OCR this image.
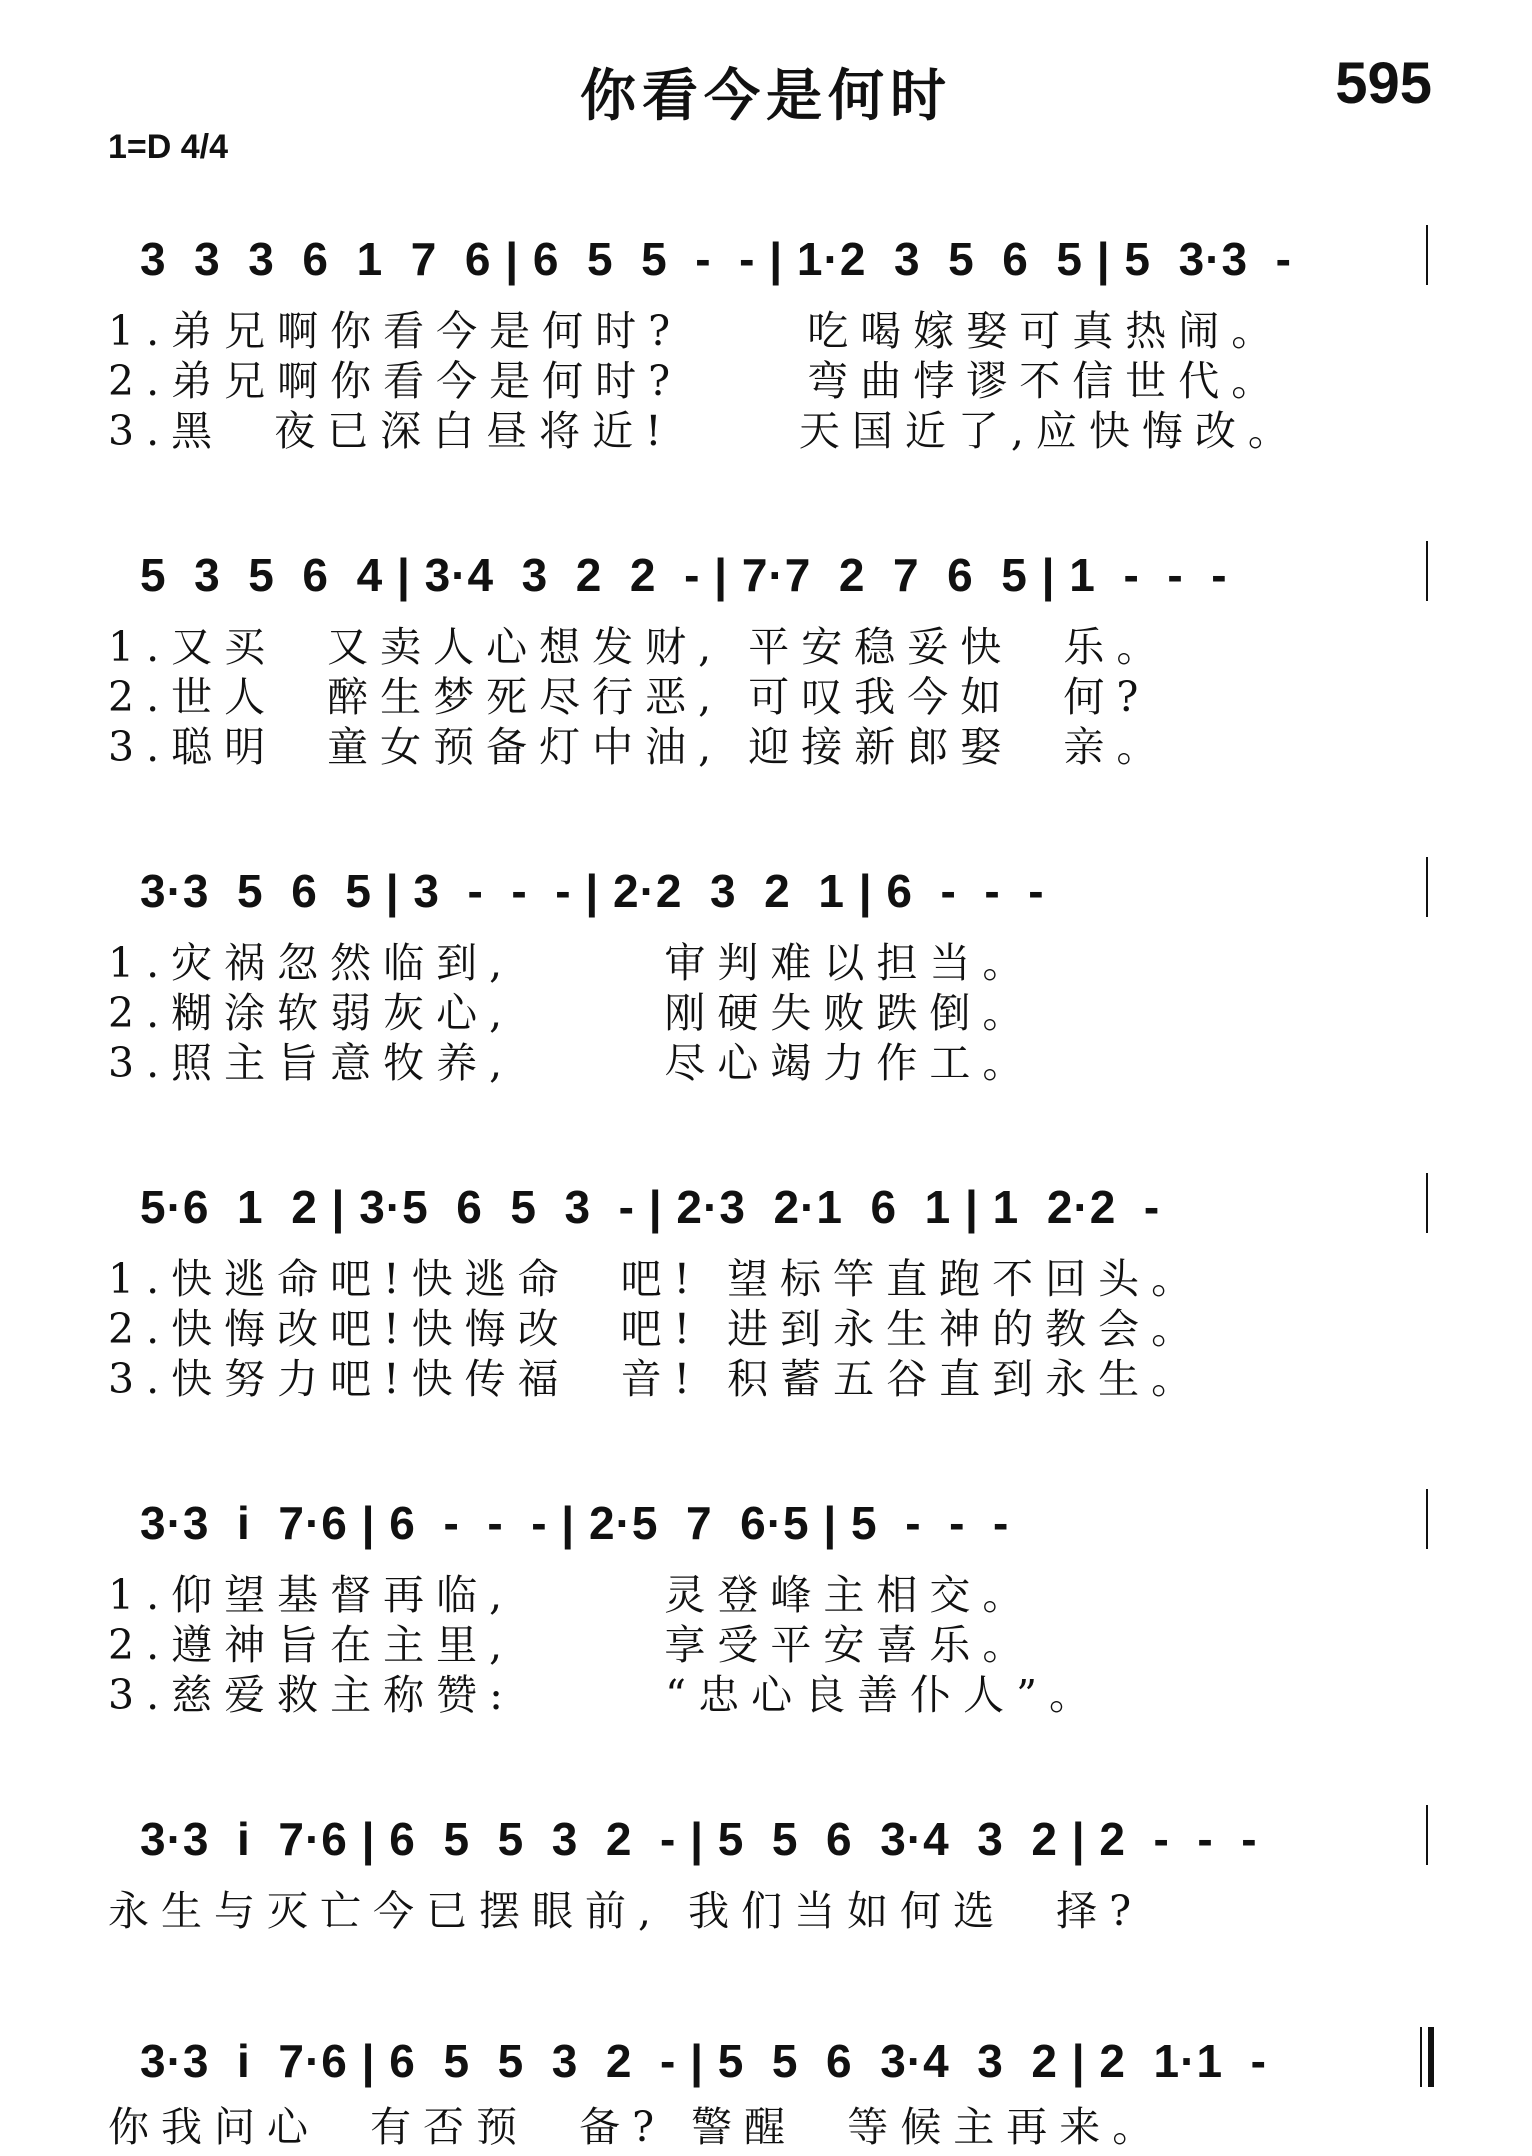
你看今是何时	595
1=D 4/4
3  3  3  6  1  7  6 | 6  5  5  -  - | 1·2  3  5  6  5 | 5  3·3  -
1.弟兄啊你看今是何时?     吃喝嫁娶可真热闹。
2.弟兄啊你看今是何时?     弯曲悖谬不信世代。
3.黑  夜已深白昼将近!     天国近了,应快悔改。
5  3  5  6  4 | 3·4  3  2  2  - | 7·7  2  7  6  5 | 1  -  -  -
1.又买  又卖人心想发财, 平安稳妥快  乐。
2.世人  醉生梦死尽行恶, 可叹我今如  何?
3.聪明  童女预备灯中油, 迎接新郎娶  亲。
3·3  5  6  5 | 3  -  -  - | 2·2  3  2  1 | 6  -  -  -
1.灾祸忽然临到,      审判难以担当。
2.糊涂软弱灰心,      刚硬失败跌倒。
3.照主旨意牧养,      尽心竭力作工。
5·6  1  2 | 3·5  6  5  3  - | 2·3  2·1  6  1 | 1  2·2  -
1.快逃命吧!快逃命  吧! 望标竿直跑不回头。
2.快悔改吧!快悔改  吧! 进到永生神的教会。
3.快努力吧!快传福  音! 积蓄五谷直到永生。
3·3  i  7·6 | 6  -  -  - | 2·5  7  6·5 | 5  -  -  -
1.仰望基督再临,      灵登峰主相交。
2.遵神旨在主里,      享受平安喜乐。
3.慈爱救主称赞:      “忠心良善仆人”。
3·3  i  7·6 | 6  5  5  3  2  - | 5  5  6  3·4  3  2 | 2  -  -  -
永生与灭亡今已摆眼前, 我们当如何选  择?
3·3  i  7·6 | 6  5  5  3  2  - | 5  5  6  3·4  3  2 | 2  1·1  -
你我问心  有否预  备? 警醒  等候主再来。
